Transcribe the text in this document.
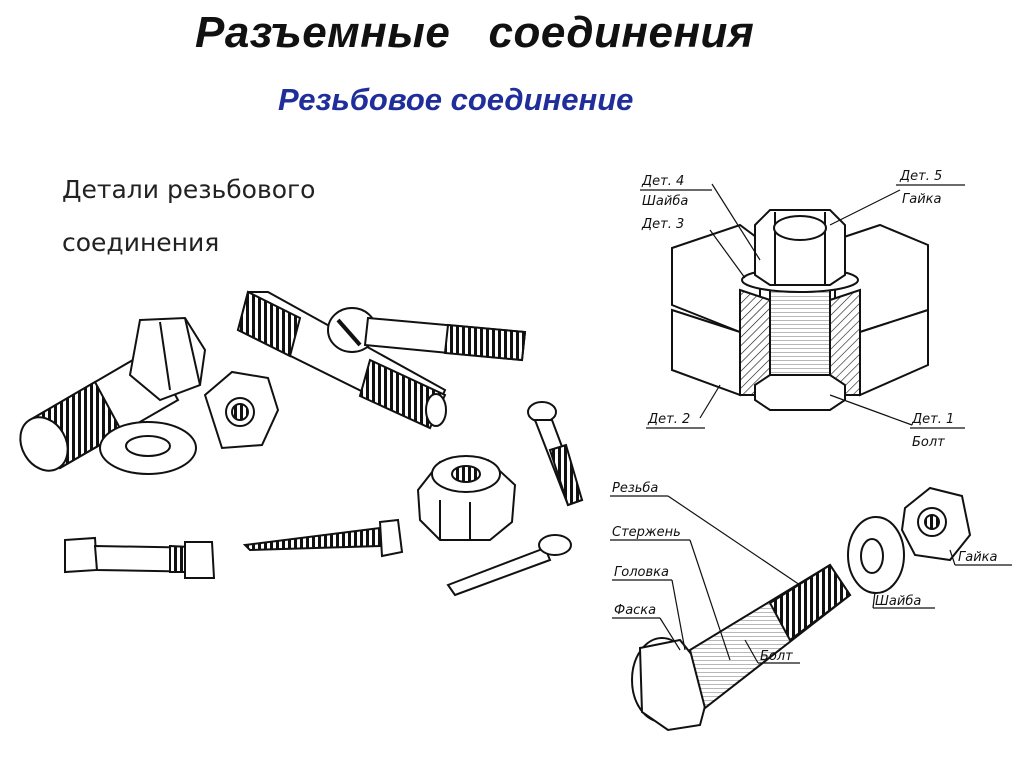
Разъемные   соединения
Резьбовое соединение
Детали резьбового
соединения
Дет. 4
Шайба
Дет. 3
Дет. 5
Гайка
Дет. 2	Дет. 1
Болт
Резьба
Стержень
Головка
Фаска
Болт
Шайба
Гайка
